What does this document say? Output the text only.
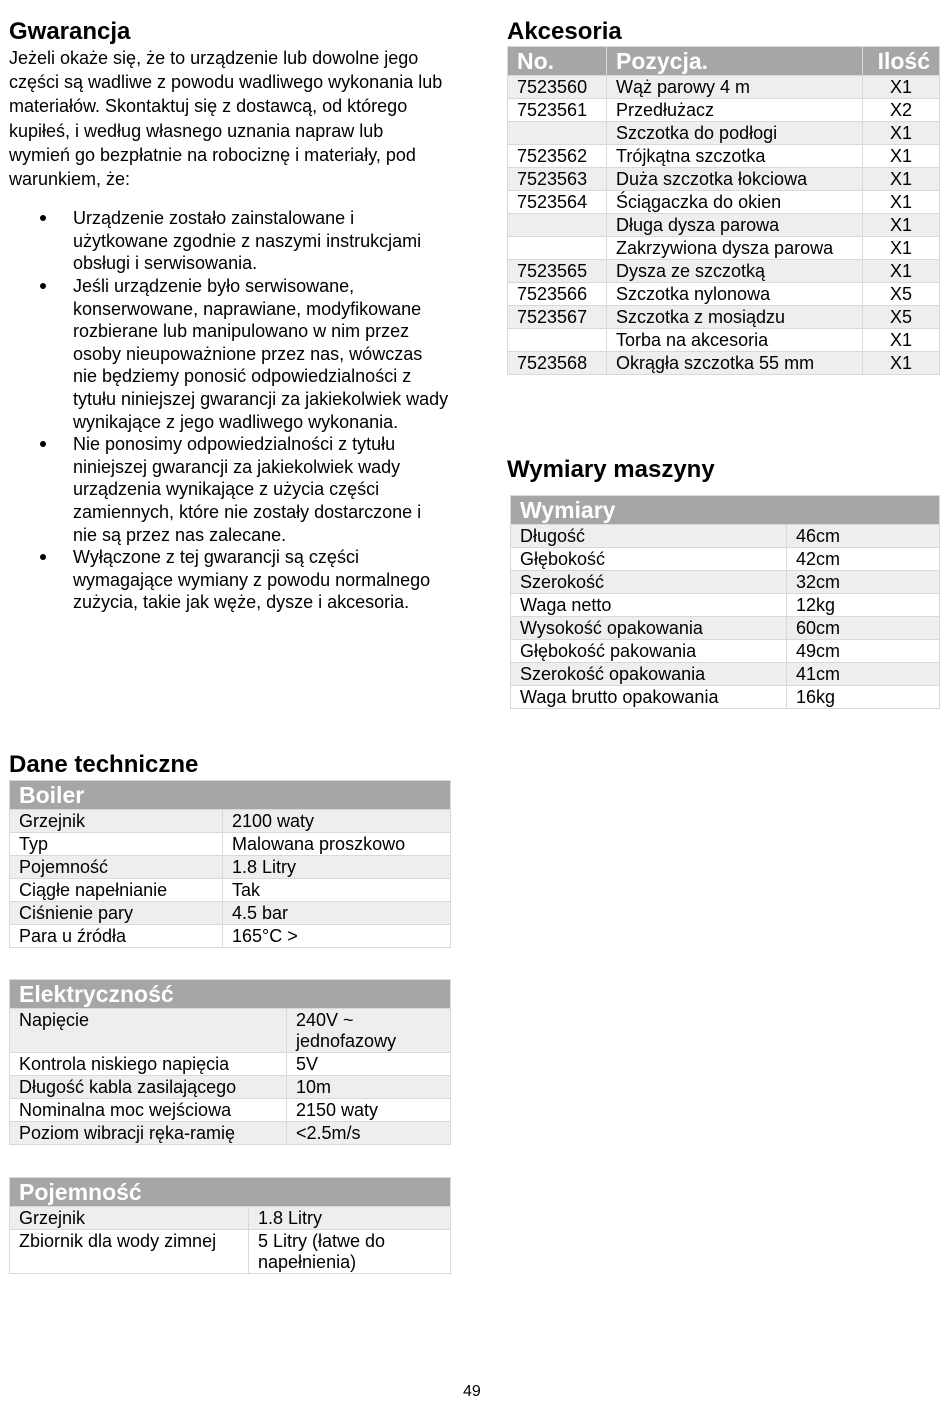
Gwarancja

Jeżeli okaże się, że to urządzenie lub dowolne jego części są wadliwe z powodu wadliwego wykonania lub materiałów. Skontaktuj się z dostawcą, od którego kupiłeś, i według własnego uznania napraw lub wymień go bezpłatnie na robociznę i materiały, pod warunkiem, że:

Urządzenie zostało zainstalowane i użytkowane zgodnie z naszymi instrukcjami obsługi i serwisowania.
Jeśli urządzenie było serwisowane, konserwowane, naprawiane, modyfikowane rozbierane lub manipulowano w nim przez osoby nieupoważnione przez nas, wówczas nie będziemy ponosić odpowiedzialności z tytułu niniejszej gwarancji za jakiekolwiek wady wynikające z jego wadliwego wykonania.
Nie ponosimy odpowiedzialności z tytułu niniejszej gwarancji za jakiekolwiek wady urządzenia wynikające z użycia części zamiennych, które nie zostały dostarczone i nie są przez nas zalecane.
Wyłączone z tej gwarancji są części wymagające wymiany z powodu normalnego zużycia, takie jak węże, dysze i akcesoria.
Akcesoria
No.	Pozycja.	Ilość
7523560	Wąż parowy 4 m	X1
7523561	Przedłużacz	X2
	Szczotka do podłogi	X1
7523562	Trójkątna szczotka	X1
7523563	Duża szczotka łokciowa	X1
7523564	Ściągaczka do okien	X1
	Długa dysza parowa	X1
	Zakrzywiona dysza parowa	X1
7523565	Dysza ze szczotką	X1
7523566	Szczotka nylonowa	X5
7523567	Szczotka z mosiądzu	X5
	Torba na akcesoria	X1
7523568	Okrągła szczotka 55 mm	X1
Wymiary maszyny
Wymiary	
Długość	46cm
Głębokość	42cm
Szerokość	32cm
Waga netto	12kg
Wysokość opakowania	60cm
Głębokość pakowania	49cm
Szerokość opakowania	41cm
Waga brutto opakowania	16kg
Dane techniczne
Boiler	
Grzejnik	2100 waty
Typ	Malowana proszkowo
Pojemność	1.8 Litry
Ciągłe napełnianie	Tak
Ciśnienie pary	4.5 bar
Para u źródła	165°C >
Elektryczność	
Napięcie	240V ~ jednofazowy
Kontrola niskiego napięcia	5V
Długość kabla zasilającego	10m
Nominalna moc wejściowa	2150 waty
Poziom wibracji ręka-ramię	<2.5m/s
Pojemność	
Grzejnik	1.8 Litry
Zbiornik dla wody zimnej	5 Litry (łatwe do napełnienia)
49
